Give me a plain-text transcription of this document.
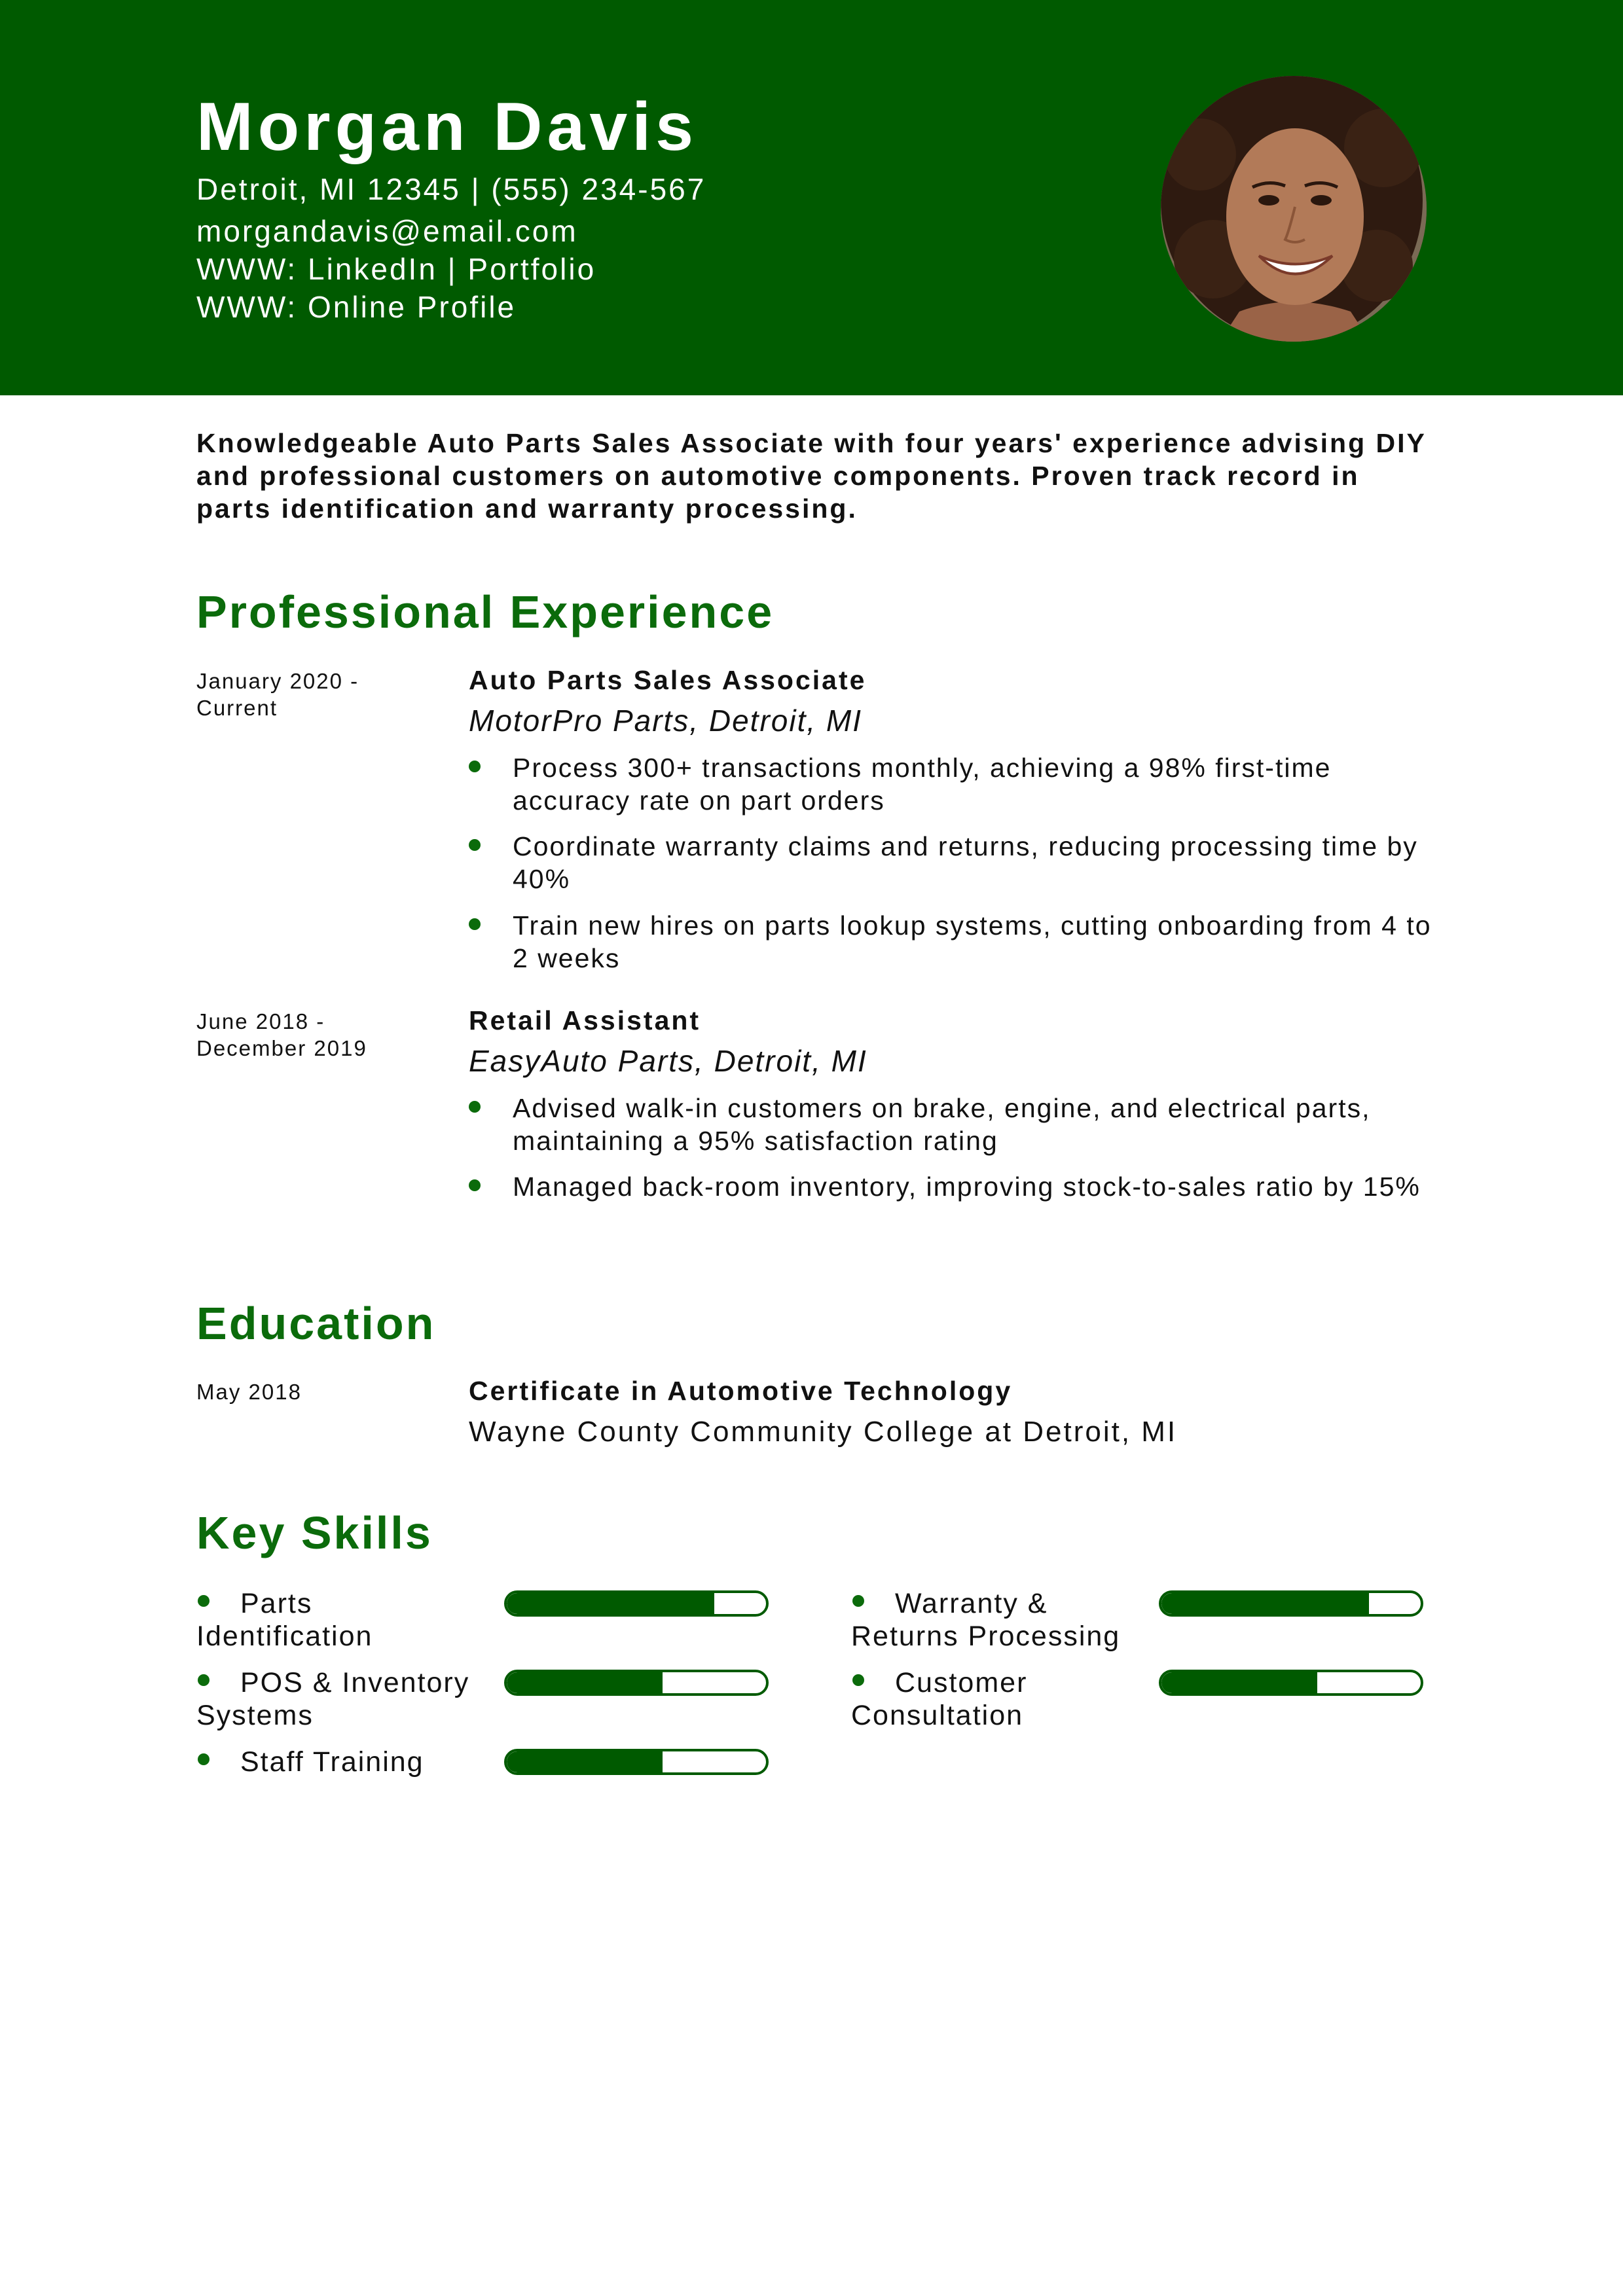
Morgan Davis
Detroit, MI 12345 | (555) 234-567
morgandavis@email.com
WWW: LinkedIn | Portfolio
WWW: Online Profile
Knowledgeable Auto Parts Sales Associate with four years' experience advising DIY and professional customers on automotive components. Proven track record in parts identification and warranty processing.
Professional Experience
January 2020 - Current
Auto Parts Sales Associate
MotorPro Parts, Detroit, MI
Process 300+ transactions monthly, achieving a 98% first-time accuracy rate on part orders
Coordinate warranty claims and returns, reducing processing time by 40%
Train new hires on parts lookup systems, cutting onboarding from 4 to 2 weeks
June 2018 - December 2019
Retail Assistant
EasyAuto Parts, Detroit, MI
Advised walk-in customers on brake, engine, and electrical parts, maintaining a 95% satisfaction rating
Managed back-room inventory, improving stock-to-sales ratio by 15%
Education
May 2018	Certificate in Automotive Technology
Wayne County Community College at Detroit, MI
Key Skills
Parts Identification
Warranty & Returns Processing
POS & Inventory Systems
Customer Consultation
Staff Training
